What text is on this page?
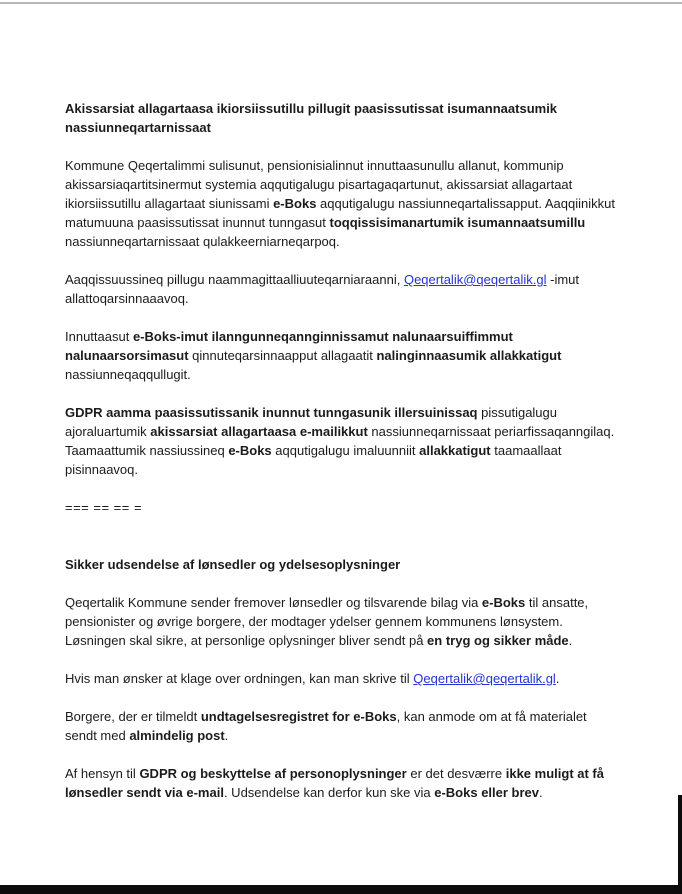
Akissarsiat allagartaasa ikiorsiissutillu pillugit paasissutissat isumannaatsumik nassiunneqartarnissaat

Kommune Qeqertalimmi sulisunut, pensionisialinnut innuttaasunullu allanut, kommunip akissarsiaqartitsinermut systemia aqqutigalugu pisartagaqartunut, akissarsiat allagartaat ikiorsiissutillu allagartaat siunissami e-Boks aqqutigalugu nassiunneqartalissapput. Aaqqiinikkut matumuuna paasissutissat inunnut tunngasut toqqissisimanartumik isumannaatsumillu nassiunneqartarnissaat qulakkeerniarneqarpoq.

Aaqqissuussineq pillugu naammagittaalliuuteqarniaraanni, Qeqertalik@qeqertalik.gl -imut allattoqarsinnaaavoq.

Innuttaasut e-Boks-imut ilanngunneqannginnissamut nalunaarsuiffimmut nalunaarsorsimasut qinnuteqarsinnaapput allagaatit nalinginnaasumik allakkatigut nassiunneqaqqullugit.

GDPR aamma paasissutissanik inunnut tunngasunik illersuinissaq pissutigalugu ajoraluartumik akissarsiat allagartaasa e-mailikkut nassiunneqarnissaat periarfissaqanngilaq. Taamaattumik nassiussineq e-Boks aqqutigalugu imaluunniit allakkatigut taamaallaat pisinnaavoq.

=== == == =

Sikker udsendelse af lønsedler og ydelsesoplysninger

Qeqertalik Kommune sender fremover lønsedler og tilsvarende bilag via e-Boks til ansatte, pensionister og øvrige borgere, der modtager ydelser gennem kommunens lønsystem. Løsningen skal sikre, at personlige oplysninger bliver sendt på en tryg og sikker måde.

Hvis man ønsker at klage over ordningen, kan man skrive til Qeqertalik@qeqertalik.gl.

Borgere, der er tilmeldt undtagelsesregistret for e-Boks, kan anmode om at få materialet sendt med almindelig post.

Af hensyn til GDPR og beskyttelse af personoplysninger er det desværre ikke muligt at få lønsedler sendt via e-mail. Udsendelse kan derfor kun ske via e-Boks eller brev.
